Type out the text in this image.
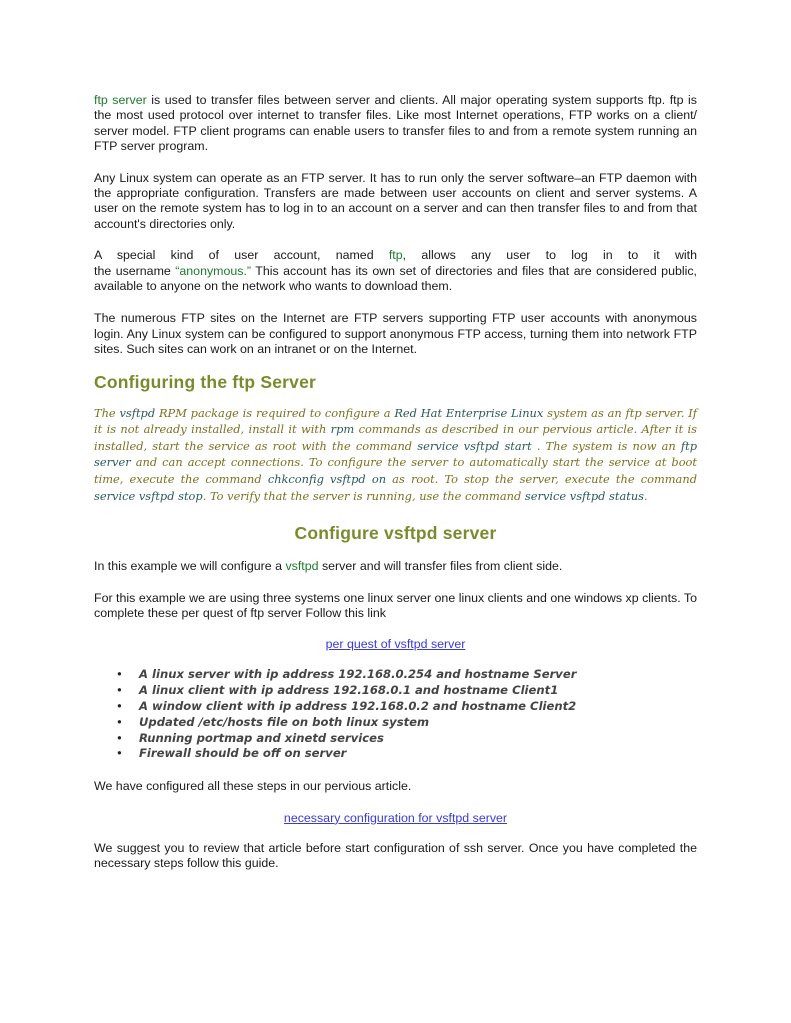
ftp server is used to transfer files between server and clients. All major operating system supports ftp. ftp is the most used protocol over internet to transfer files. Like most Internet operations, FTP works on a client/ server model. FTP client programs can enable users to transfer files to and from a remote system running an FTP server program.

Any Linux system can operate as an FTP server. It has to run only the server software–an FTP daemon with the appropriate configuration. Transfers are made between user accounts on client and server systems. A user on the remote system has to log in to an account on a server and can then transfer files to and from that account's directories only.

A special kind of user account, named ftp, allows any user to log in to it with
the username “anonymous.” This account has its own set of directories and files that are considered public, available to anyone on the network who wants to download them.

The numerous FTP sites on the Internet are FTP servers supporting FTP user accounts with anonymous login. Any Linux system can be configured to support anonymous FTP access, turning them into network FTP sites. Such sites can work on an intranet or on the Internet.

Configuring the ftp Server
The vsftpd RPM package is required to configure a Red Hat Enterprise Linux system as an ftp server. If it is not already installed, install it with rpm commands as described in our pervious article. After it is installed, start the service as root with the command service vsftpd start . The system is now an ftp server and can accept connections. To configure the server to automatically start the service at boot time, execute the command chkconfig vsftpd on as root. To stop the server, execute the command service vsftpd stop. To verify that the server is running, use the command service vsftpd status.
Configure vsftpd server

In this example we will configure a vsftpd server and will transfer files from client side.

For this example we are using three systems one linux server one linux clients and one windows xp clients. To complete these per quest of ftp server Follow this link

per quest of vsftpd server
• A linux server with ip address 192.168.0.254 and hostname Server
• A linux client with ip address 192.168.0.1 and hostname Client1
• A window client with ip address 192.168.0.2 and hostname Client2
• Updated /etc/hosts file on both linux system
• Running portmap and xinetd services
• Firewall should be off on server

We have configured all these steps in our pervious article.

necessary configuration for vsftpd server

We suggest you to review that article before start configuration of ssh server. Once you have completed the necessary steps follow this guide.
